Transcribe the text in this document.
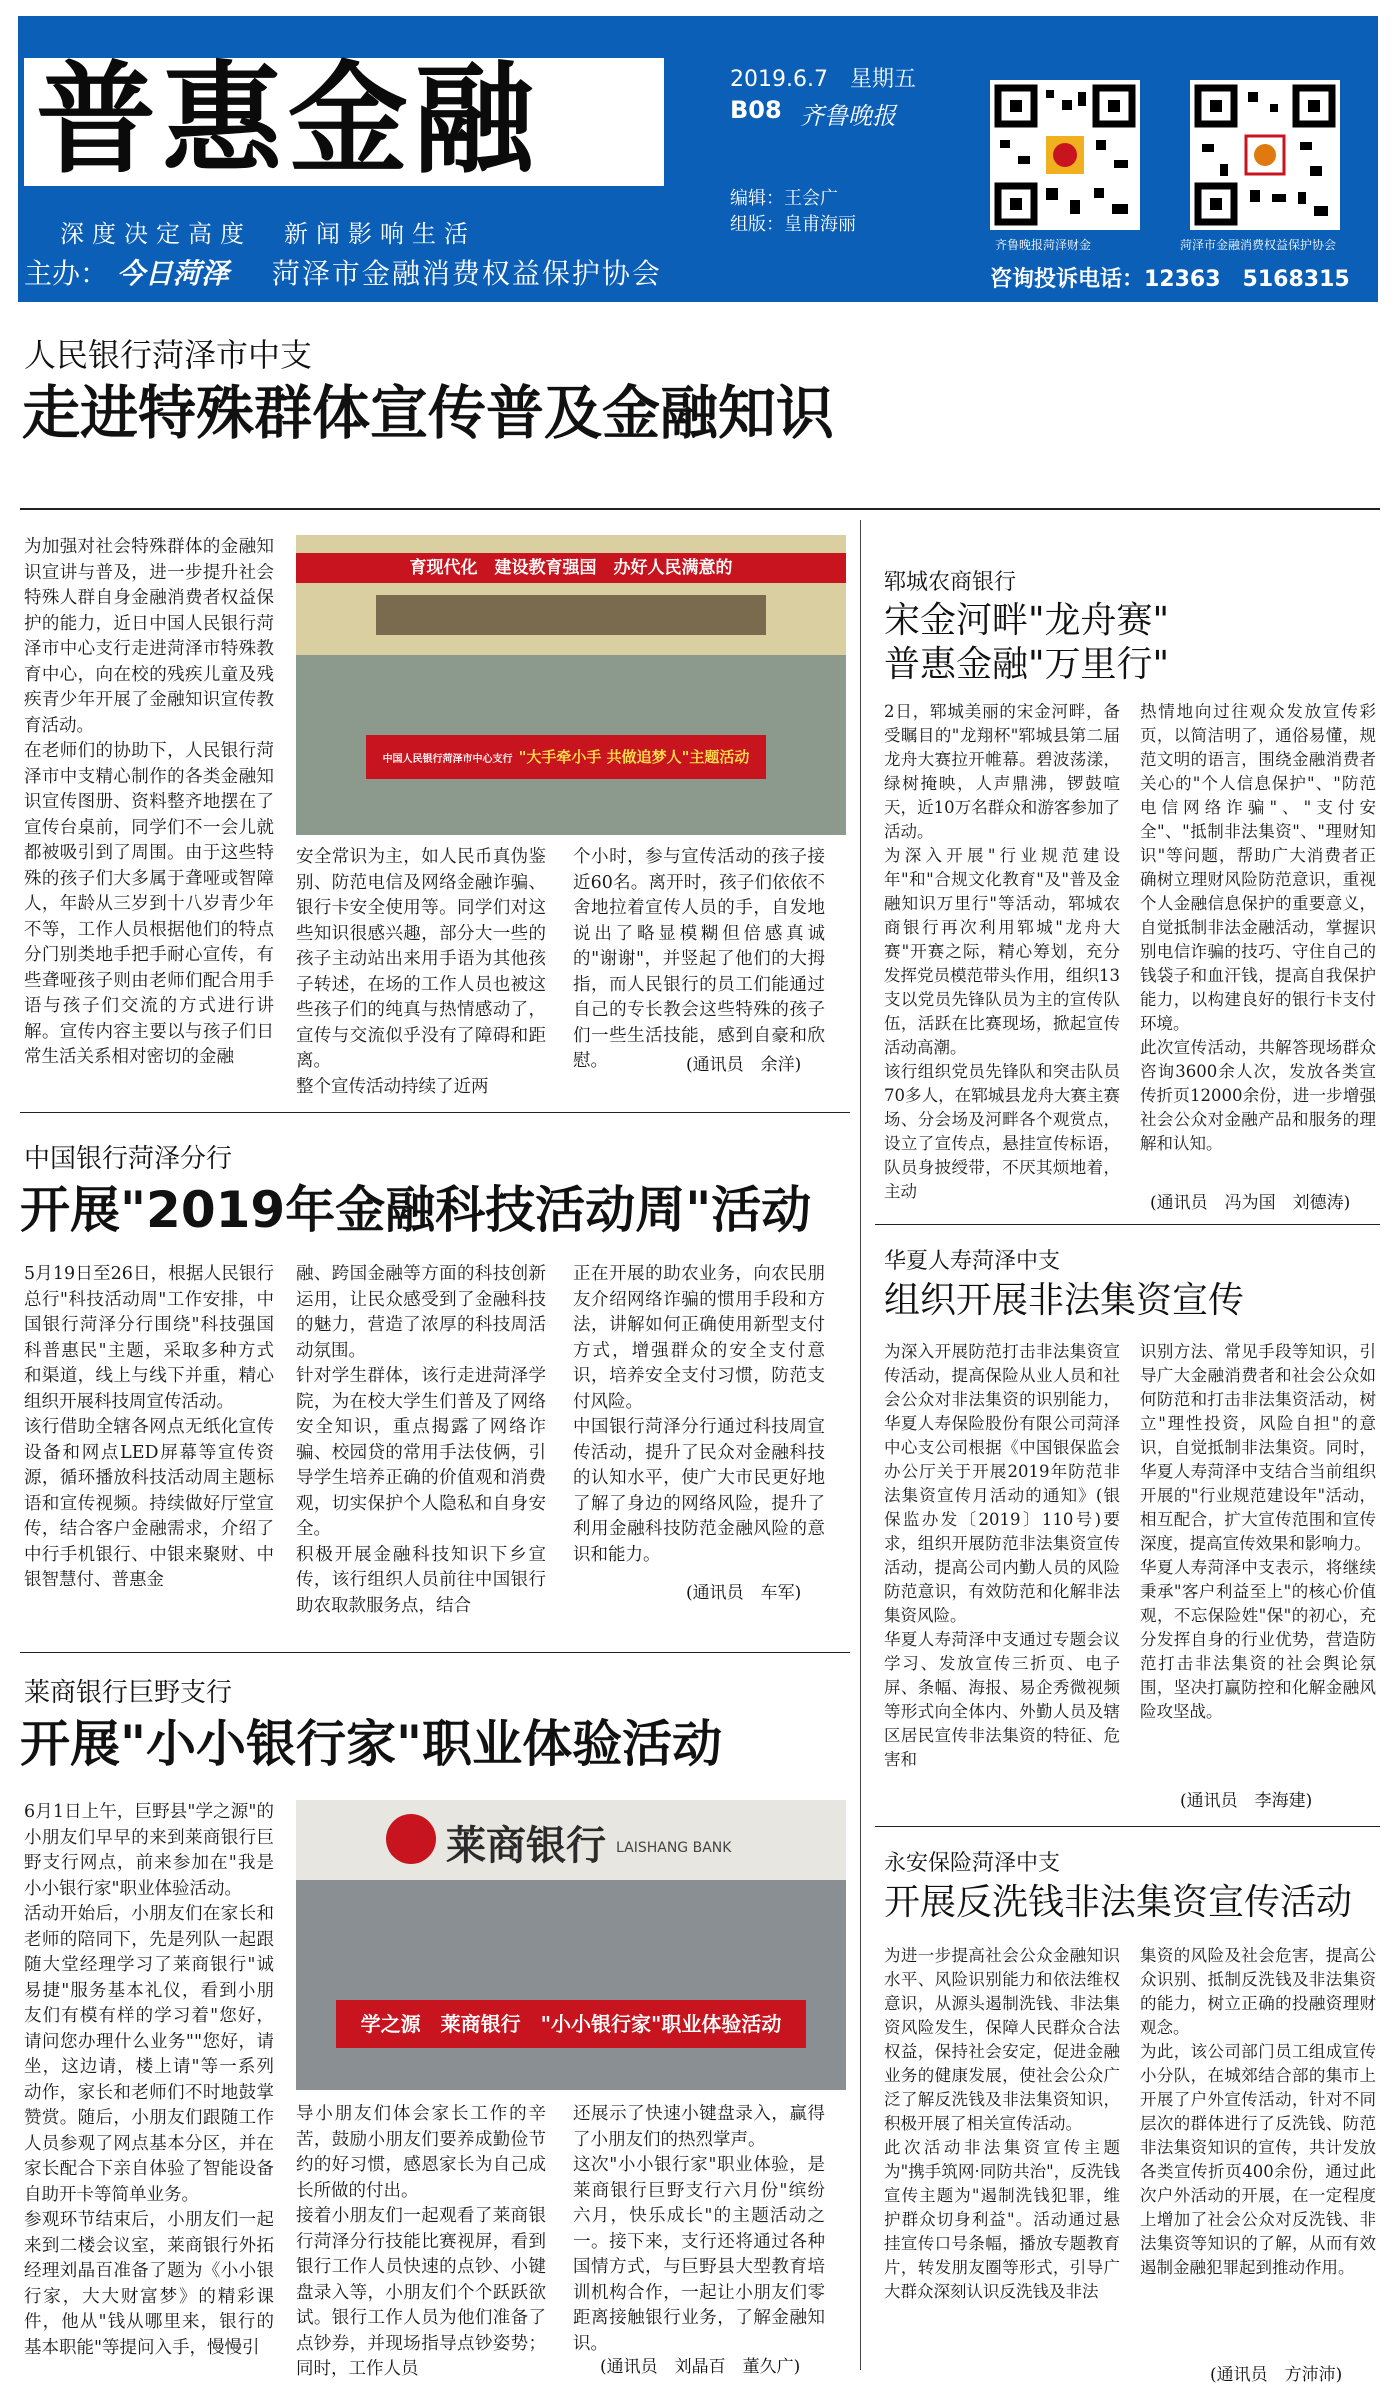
普惠金融
深度决定高度　新闻影响生活
主办： 今日菏泽 菏泽市金融消费权益保护协会
2019.6.7　星期五
B08 齐鲁晚报
编辑：王会广
组版：皇甫海丽
齐鲁晚报菏泽财金	菏泽市金融消费权益保护协会
咨询投诉电话：12363　5168315
人民银行菏泽市中支
走进特殊群体宣传普及金融知识
为加强对社会特殊群体的金融知识宣讲与普及，进一步提升社会特殊人群自身金融消费者权益保护的能力，近日中国人民银行菏泽市中心支行走进菏泽市特殊教育中心，向在校的残疾儿童及残疾青少年开展了金融知识宣传教育活动。
在老师们的协助下，人民银行菏泽市中支精心制作的各类金融知识宣传图册、资料整齐地摆在了宣传台桌前，同学们不一会儿就都被吸引到了周围。由于这些特殊的孩子们大多属于聋哑或智障人，年龄从三岁到十八岁青少年不等，工作人员根据他们的特点分门别类地手把手耐心宣传，有些聋哑孩子则由老师们配合用手语与孩子们交流的方式进行讲解。宣传内容主要以与孩子们日常生活关系相对密切的金融
育现代化　建设教育强国　办好人民满意的
中国人民银行菏泽市中心支行 "大手牵小手 共做追梦人"主题活动
安全常识为主，如人民币真伪鉴别、防范电信及网络金融诈骗、银行卡安全使用等。同学们对这些知识很感兴趣，部分大一些的孩子主动站出来用手语为其他孩子转述，在场的工作人员也被这些孩子们的纯真与热情感动了，宣传与交流似乎没有了障碍和距离。
整个宣传活动持续了近两
个小时，参与宣传活动的孩子接近60名。离开时，孩子们依依不舍地拉着宣传人员的手，自发地说出了略显模糊但倍感真诚的"谢谢"，并竖起了他们的大拇指，而人民银行的员工们能通过自己的专长教会这些特殊的孩子们一些生活技能，感到自豪和欣慰。	(通讯员　余洋)
中国银行菏泽分行
开展"2019年金融科技活动周"活动
5月19日至26日，根据人民银行总行"科技活动周"工作安排，中国银行菏泽分行围绕"科技强国　科普惠民"主题，采取多种方式和渠道，线上与线下并重，精心组织开展科技周宣传活动。
该行借助全辖各网点无纸化宣传设备和网点LED屏幕等宣传资源，循环播放科技活动周主题标语和宣传视频。持续做好厅堂宣传，结合客户金融需求，介绍了中行手机银行、中银来聚财、中银智慧付、普惠金
融、跨国金融等方面的科技创新运用，让民众感受到了金融科技的魅力，营造了浓厚的科技周活动氛围。
针对学生群体，该行走进菏泽学院，为在校大学生们普及了网络安全知识，重点揭露了网络诈骗、校园贷的常用手法伎俩，引导学生培养正确的价值观和消费观，切实保护个人隐私和自身安全。
积极开展金融科技知识下乡宣传，该行组织人员前往中国银行助农取款服务点，结合
正在开展的助农业务，向农民朋友介绍网络诈骗的惯用手段和方法，讲解如何正确使用新型支付方式，增强群众的安全支付意识，培养安全支付习惯，防范支付风险。
中国银行菏泽分行通过科技周宣传活动，提升了民众对金融科技的认知水平，使广大市民更好地了解了身边的网络风险，提升了利用金融科技防范金融风险的意识和能力。
(通讯员　车军)
莱商银行巨野支行
开展"小小银行家"职业体验活动
6月1日上午，巨野县"学之源"的小朋友们早早的来到莱商银行巨野支行网点，前来参加在"我是小小银行家"职业体验活动。
活动开始后，小朋友们在家长和老师的陪同下，先是列队一起跟随大堂经理学习了莱商银行"诚易捷"服务基本礼仪，看到小朋友们有模有样的学习着"您好，请问您办理什么业务""您好，请坐，这边请，楼上请"等一系列动作，家长和老师们不时地鼓掌赞赏。随后，小朋友们跟随工作人员参观了网点基本分区，并在家长配合下亲自体验了智能设备自助开卡等简单业务。
参观环节结束后，小朋友们一起来到二楼会议室，莱商银行外拓经理刘晶百准备了题为《小小银行家，大大财富梦》的精彩课件，他从"钱从哪里来，银行的基本职能"等提问入手，慢慢引
莱商银行 LAISHANG BANK
学之源　莱商银行　"小小银行家"职业体验活动
导小朋友们体会家长工作的辛苦，鼓励小朋友们要养成勤俭节约的好习惯，感恩家长为自己成长所做的付出。
接着小朋友们一起观看了莱商银行菏泽分行技能比赛视屏，看到银行工作人员快速的点钞、小键盘录入等，小朋友们个个跃跃欲试。银行工作人员为他们准备了点钞券，并现场指导点钞姿势；同时，工作人员
还展示了快速小键盘录入，赢得了小朋友们的热烈掌声。
这次"小小银行家"职业体验，是莱商银行巨野支行六月份"缤纷六月，快乐成长"的主题活动之一。接下来，支行还将通过各种国情方式，与巨野县大型教育培训机构合作，一起让小朋友们零距离接触银行业务，了解金融知识。
(通讯员　刘晶百　董久广)
郓城农商银行
宋金河畔"龙舟赛"
普惠金融"万里行"
2日，郓城美丽的宋金河畔，备受瞩目的"龙翔杯"郓城县第二届龙舟大赛拉开帷幕。碧波荡漾，绿树掩映，人声鼎沸，锣鼓喧天，近10万名群众和游客参加了活动。
为深入开展"行业规范建设年"和"合规文化教育"及"普及金融知识万里行"等活动，郓城农商银行再次利用郓城"龙舟大赛"开赛之际，精心筹划，充分发挥党员模范带头作用，组织13支以党员先锋队员为主的宣传队伍，活跃在比赛现场，掀起宣传活动高潮。
该行组织党员先锋队和突击队员70多人，在郓城县龙舟大赛主赛场、分会场及河畔各个观赏点，设立了宣传点，悬挂宣传标语，队员身披绶带，不厌其烦地着，主动
热情地向过往观众发放宣传彩页，以简洁明了，通俗易懂，规范文明的语言，围绕金融消费者关心的"个人信息保护"、"防范电信网络诈骗"、"支付安全"、"抵制非法集资"、"理财知识"等问题，帮助广大消费者正确树立理财风险防范意识，重视个人金融信息保护的重要意义，自觉抵制非法金融活动，掌握识别电信诈骗的技巧、守住自己的钱袋子和血汗钱，提高自我保护能力，以构建良好的银行卡支付环境。
此次宣传活动，共解答现场群众咨询3600余人次，发放各类宣传折页12000余份，进一步增强社会公众对金融产品和服务的理解和认知。
(通讯员　冯为国　刘德涛)
华夏人寿菏泽中支
组织开展非法集资宣传
为深入开展防范打击非法集资宣传活动，提高保险从业人员和社会公众对非法集资的识别能力，华夏人寿保险股份有限公司菏泽中心支公司根据《中国银保监会办公厅关于开展2019年防范非法集资宣传月活动的通知》(银保监办发〔2019〕110号)要求，组织开展防范非法集资宣传活动，提高公司内勤人员的风险防范意识，有效防范和化解非法集资风险。
华夏人寿菏泽中支通过专题会议学习、发放宣传三折页、电子屏、条幅、海报、易企秀微视频等形式向全体内、外勤人员及辖区居民宣传非法集资的特征、危害和
识别方法、常见手段等知识，引导广大金融消费者和社会公众如何防范和打击非法集资活动，树立"理性投资，风险自担"的意识，自觉抵制非法集资。同时，华夏人寿菏泽中支结合当前组织开展的"行业规范建设年"活动，相互配合，扩大宣传范围和宣传深度，提高宣传效果和影响力。
华夏人寿菏泽中支表示，将继续秉承"客户利益至上"的核心价值观，不忘保险姓"保"的初心，充分发挥自身的行业优势，营造防范打击非法集资的社会舆论氛围，坚决打赢防控和化解金融风险攻坚战。
(通讯员　李海建)
永安保险菏泽中支
开展反洗钱非法集资宣传活动
为进一步提高社会公众金融知识水平、风险识别能力和依法维权意识，从源头遏制洗钱、非法集资风险发生，保障人民群众合法权益，保持社会安定，促进金融业务的健康发展，使社会公众广泛了解反洗钱及非法集资知识，积极开展了相关宣传活动。
此次活动非法集资宣传主题为"携手筑网·同防共治"，反洗钱宣传主题为"遏制洗钱犯罪，维护群众切身利益"。活动通过悬挂宣传口号条幅，播放专题教育片，转发朋友圈等形式，引导广大群众深刻认识反洗钱及非法
集资的风险及社会危害，提高公众识别、抵制反洗钱及非法集资的能力，树立正确的投融资理财观念。
为此，该公司部门员工组成宣传小分队，在城郊结合部的集市上开展了户外宣传活动，针对不同层次的群体进行了反洗钱、防范非法集资知识的宣传，共计发放各类宣传折页400余份，通过此次户外活动的开展，在一定程度上增加了社会公众对反洗钱、非法集资等知识的了解，从而有效遏制金融犯罪起到推动作用。
(通讯员　方沛沛)
